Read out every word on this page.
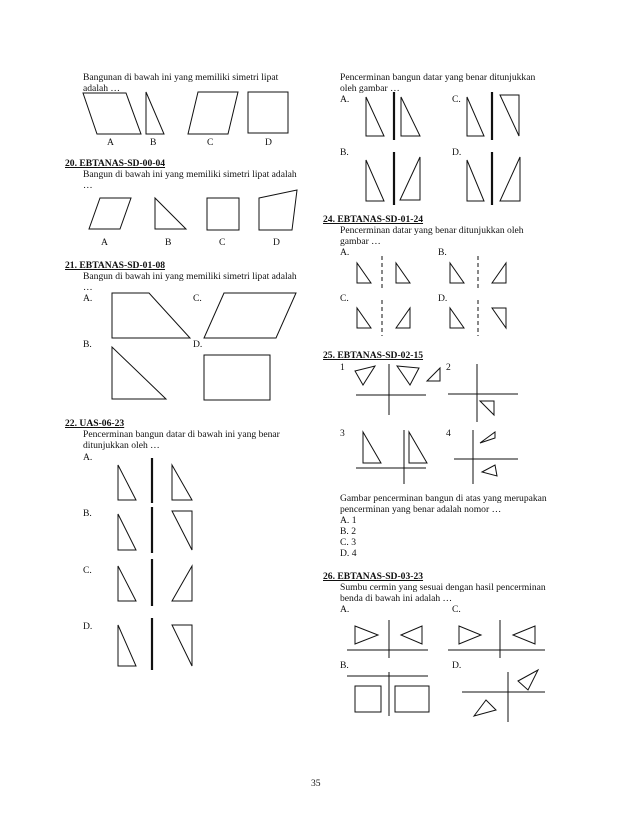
Bangunan di bawah ini yang memiliki simetri lipat
adalah …
A	B	C	D
20. EBTANAS-SD-00-04
Bangun di bawah ini yang memiliki simetri lipat adalah
…
A	B	C	D
21. EBTANAS-SD-01-08
Bangun di bawah ini yang memiliki simetri lipat adalah
…
A.
B.
C.
D.
22. UAS-06-23
Pencerminan bangun datar di bawah ini yang benar
ditunjukkan oleh …
A.
B.
C.
D.
Pencerminan bangun datar yang benar ditunjukkan
oleh gambar …
A.	C.
B.	D.
24. EBTANAS-SD-01-24
Pencerminan datar yang benar ditunjukkan oleh
gambar …
A.	B.
C.	D.
25. EBTANAS-SD-02-15
1	2
3	4
Gambar pencerminan bangun di atas yang merupakan
pencerminan yang benar adalah nomor …
A. 1
B. 2
C. 3
D. 4
26. EBTANAS-SD-03-23
Sumbu cermin yang sesuai dengan hasil pencerminan
benda di bawah ini adalah …
A.	C.
B.	D.
35
